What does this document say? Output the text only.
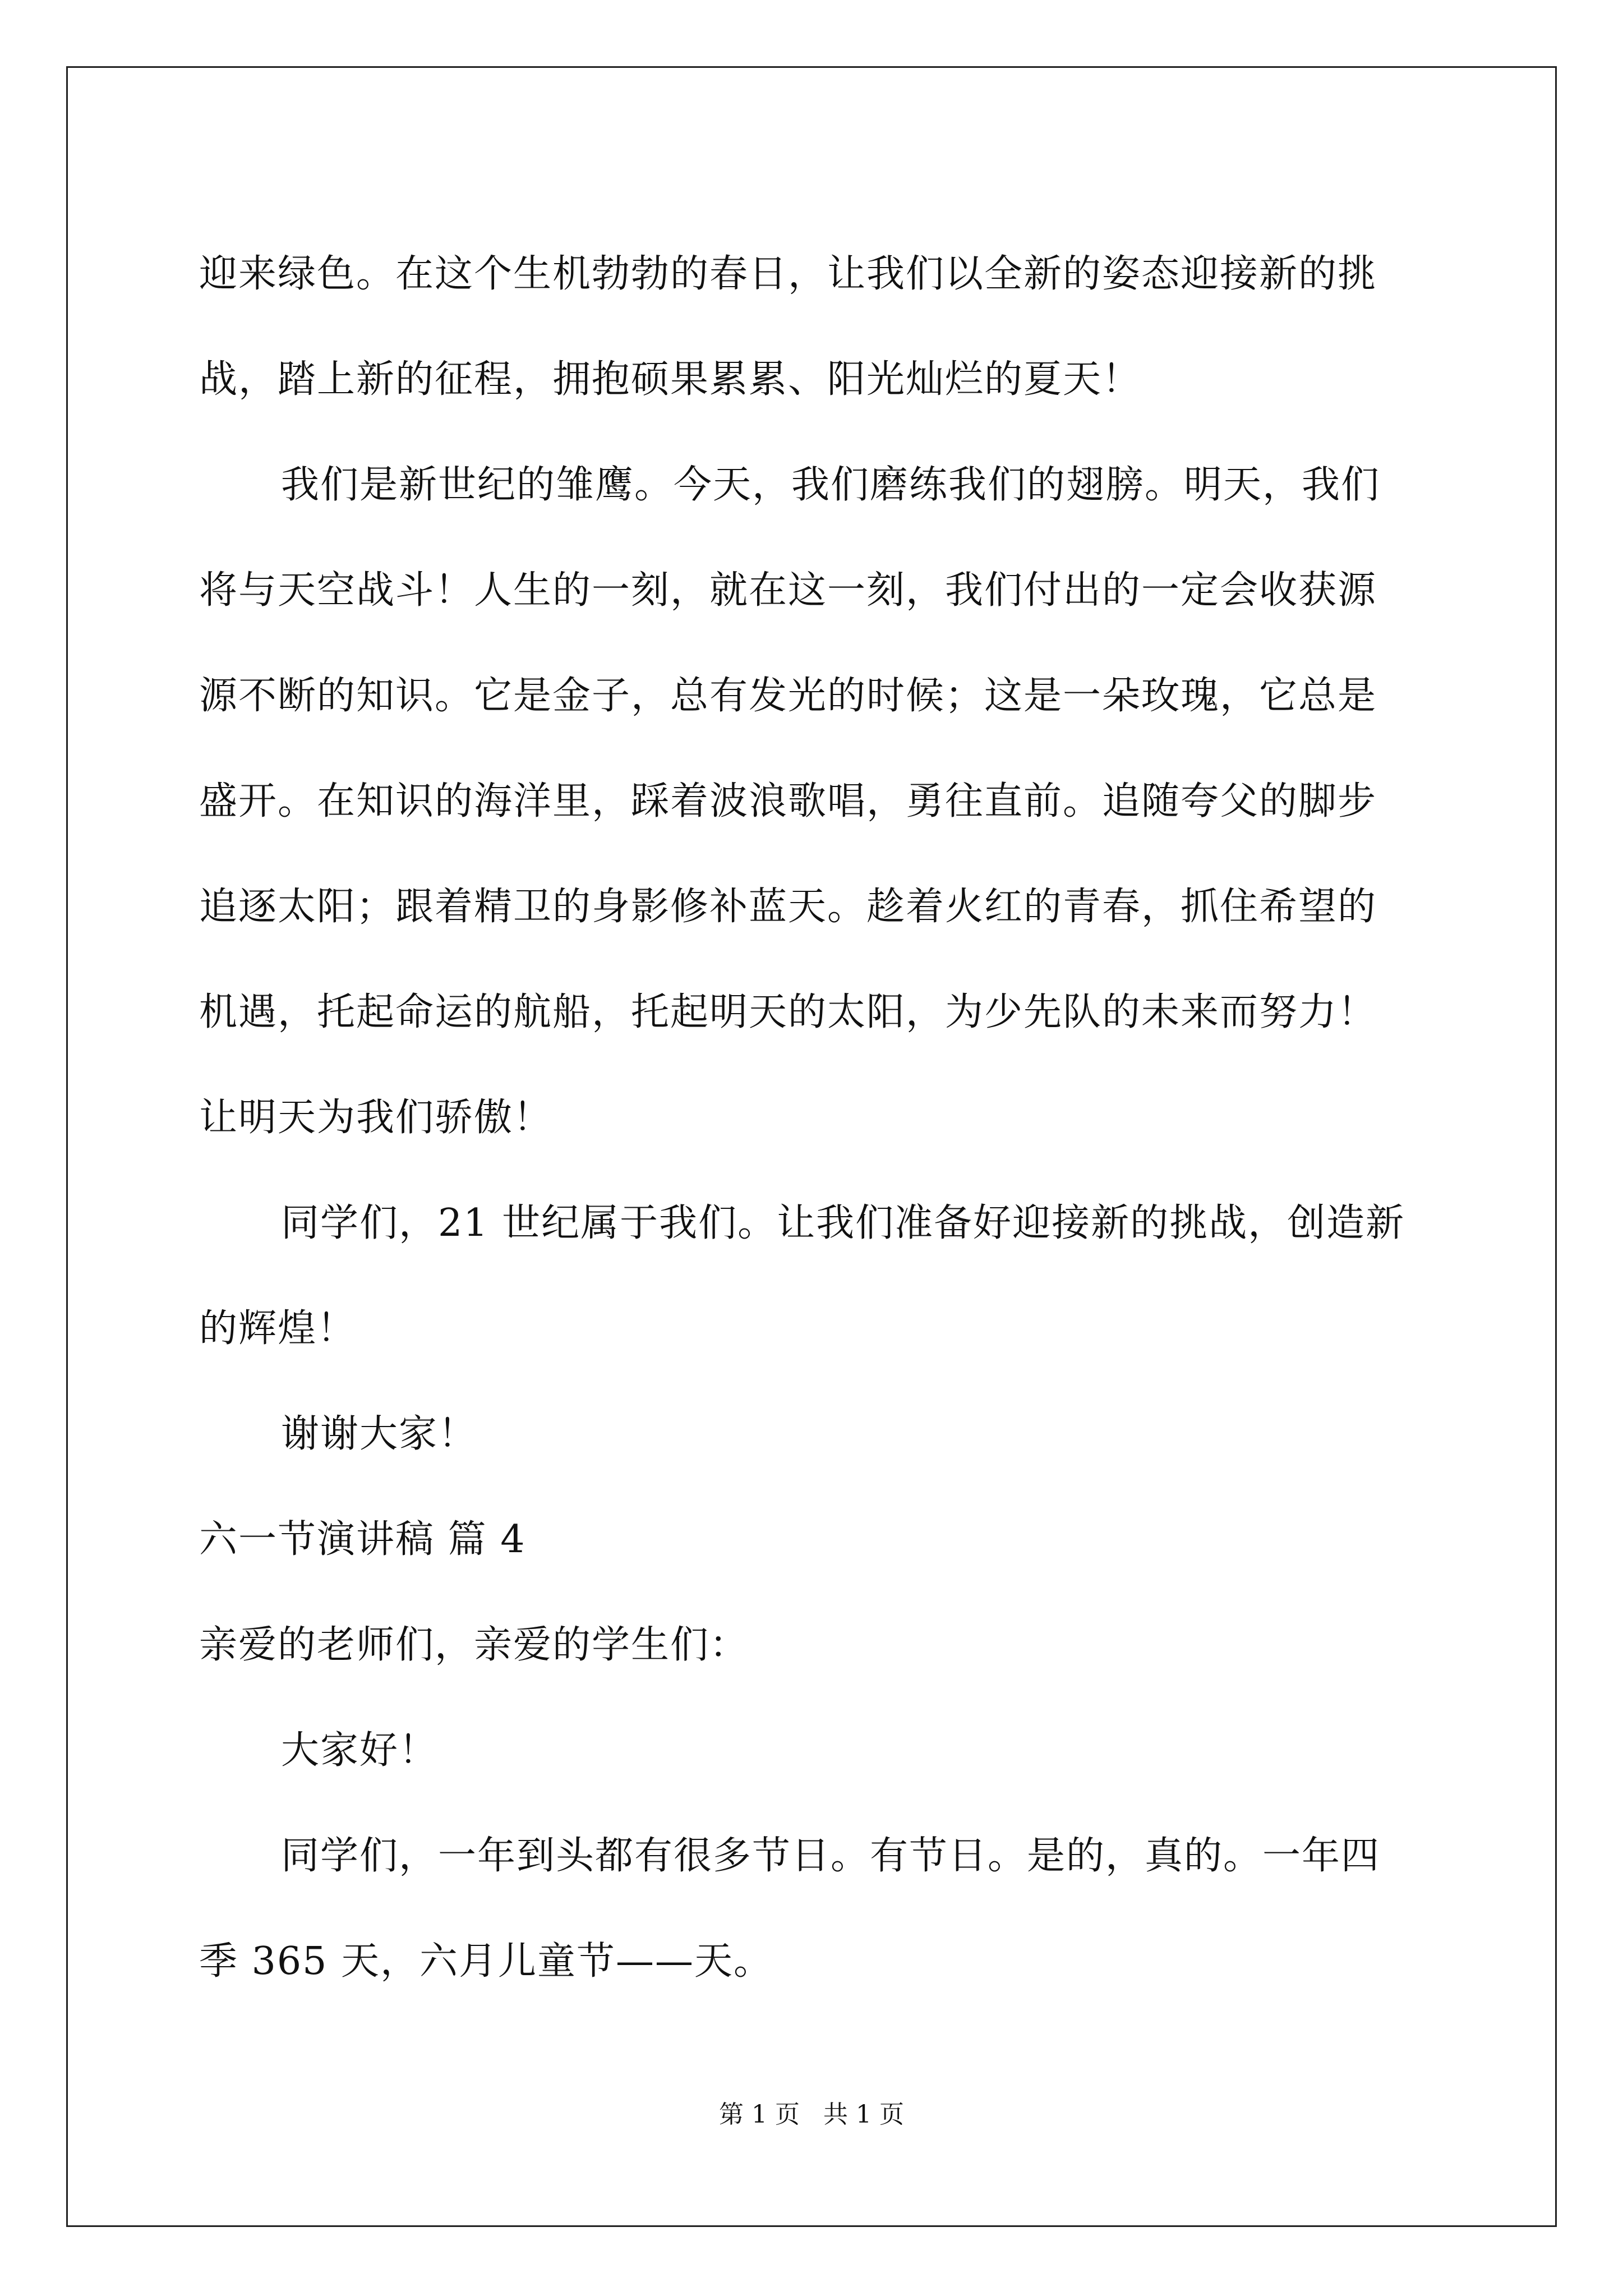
迎来绿色。在这个生机勃勃的春日，让我们以全新的姿态迎接新的挑
战，踏上新的征程，拥抱硕果累累、阳光灿烂的夏天！
我们是新世纪的雏鹰。今天，我们磨练我们的翅膀。明天，我们
将与天空战斗！人生的一刻，就在这一刻，我们付出的一定会收获源
源不断的知识。它是金子，总有发光的时候；这是一朵玫瑰，它总是
盛开。在知识的海洋里，踩着波浪歌唱，勇往直前。追随夸父的脚步
追逐太阳；跟着精卫的身影修补蓝天。趁着火红的青春，抓住希望的
机遇，托起命运的航船，托起明天的太阳，为少先队的未来而努力！
让明天为我们骄傲！
同学们，21 世纪属于我们。让我们准备好迎接新的挑战，创造新
的辉煌！
谢谢大家！
六一节演讲稿 篇 4
亲爱的老师们，亲爱的学生们：
大家好！
同学们，一年到头都有很多节日。有节日。是的，真的。一年四
季 365 天，六月儿童节——天。
第 1 页   共 1 页
